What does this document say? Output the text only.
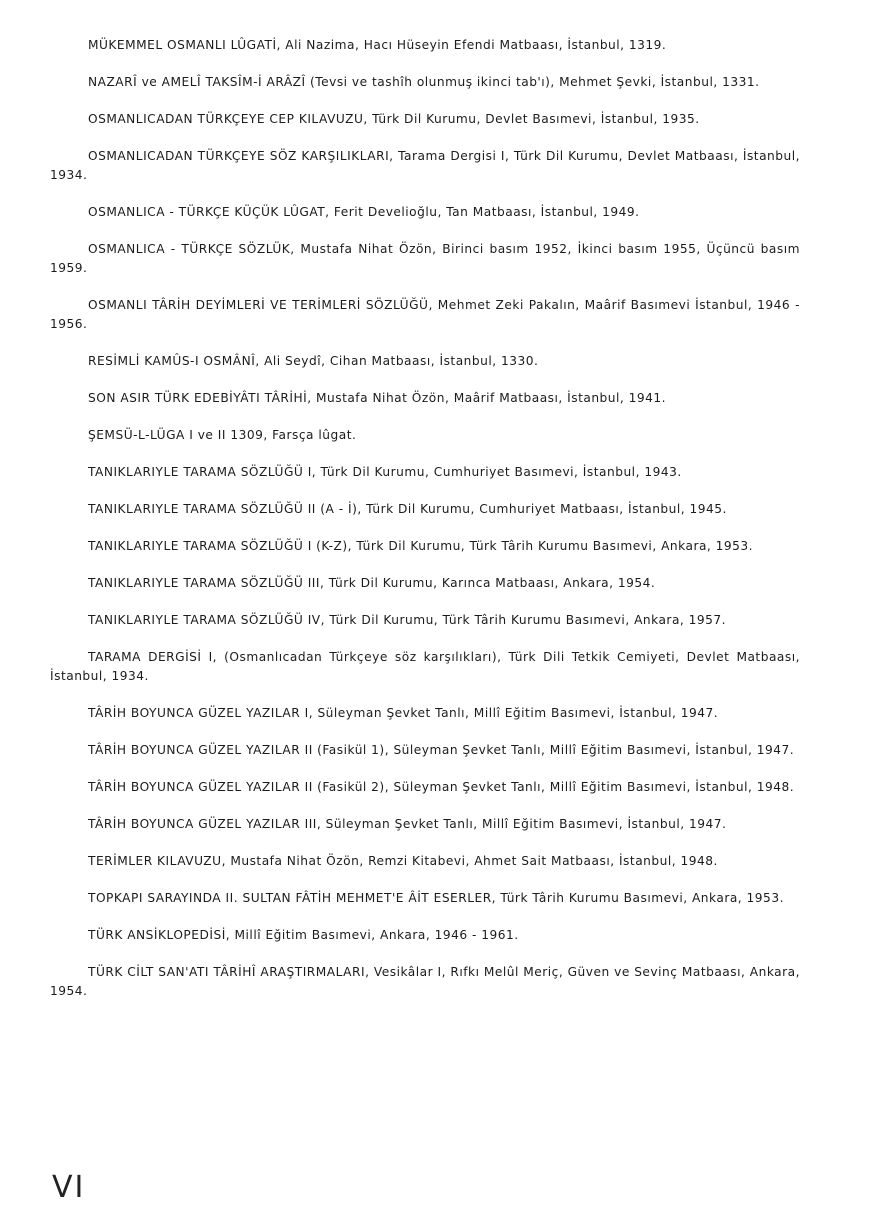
MÜKEMMEL OSMANLI LÛGATİ, Ali Nazima, Hacı Hüseyin Efendi Matbaası, İstanbul, 1319.

NAZARÎ ve AMELÎ TAKSÎM-İ ARÂZÎ (Tevsi ve tashîh olunmuş ikinci tab'ı), Mehmet Şevki, İstanbul, 1331.

OSMANLICADAN TÜRKÇEYE CEP KILAVUZU, Türk Dil Kurumu, Devlet Basımevi, İstanbul, 1935.

OSMANLICADAN TÜRKÇEYE SÖZ KARŞILIKLARI, Tarama Dergisi I, Türk Dil Kurumu, Devlet Matbaası, İstanbul, 1934.

OSMANLICA - TÜRKÇE KÜÇÜK LÛGAT, Ferit Develioğlu, Tan Matbaası, İstanbul, 1949.

OSMANLICA - TÜRKÇE SÖZLÜK, Mustafa Nihat Özön, Birinci basım 1952, İkinci basım 1955, Üçüncü basım 1959.

OSMANLI TÂRİH DEYİMLERİ VE TERİMLERİ SÖZLÜĞÜ, Mehmet Zeki Pakalın, Maârif Basımevi İstanbul, 1946 - 1956.

RESİMLİ KAMÛS-I OSMÂNÎ, Ali Seydî, Cihan Matbaası, İstanbul, 1330.

SON ASIR TÜRK EDEBİYÂTI TÂRİHİ, Mustafa Nihat Özön, Maârif Matbaası, İstanbul, 1941.

ŞEMSÜ-L-LÜGA I ve II 1309, Farsça lûgat.

TANIKLARIYLE TARAMA SÖZLÜĞÜ I, Türk Dil Kurumu, Cumhuriyet Basımevi, İstanbul, 1943.

TANIKLARIYLE TARAMA SÖZLÜĞÜ II (A - İ), Türk Dil Kurumu, Cumhuriyet Matbaası, İstanbul, 1945.

TANIKLARIYLE TARAMA SÖZLÜĞÜ I (K-Z), Türk Dil Kurumu, Türk Târih Kurumu Basımevi, Ankara, 1953.

TANIKLARIYLE TARAMA SÖZLÜĞÜ III, Türk Dil Kurumu, Karınca Matbaası, Ankara, 1954.

TANIKLARIYLE TARAMA SÖZLÜĞÜ IV, Türk Dil Kurumu, Türk Târih Kurumu Basımevi, Ankara, 1957.

TARAMA DERGİSİ I, (Osmanlıcadan Türkçeye söz karşılıkları), Türk Dili Tetkik Cemiyeti, Devlet Matbaası, İstanbul, 1934.

TÂRİH BOYUNCA GÜZEL YAZILAR I, Süleyman Şevket Tanlı, Millî Eğitim Basımevi, İstanbul, 1947.

TÂRİH BOYUNCA GÜZEL YAZILAR II (Fasikül 1), Süleyman Şevket Tanlı, Millî Eğitim Basımevi, İstanbul, 1947.

TÂRİH BOYUNCA GÜZEL YAZILAR II (Fasikül 2), Süleyman Şevket Tanlı, Millî Eğitim Basımevi, İstanbul, 1948.

TÂRİH BOYUNCA GÜZEL YAZILAR III, Süleyman Şevket Tanlı, Millî Eğitim Basımevi, İstanbul, 1947.

TERİMLER KILAVUZU, Mustafa Nihat Özön, Remzi Kitabevi, Ahmet Sait Matbaası, İstanbul, 1948.

TOPKAPI SARAYINDA II. SULTAN FÂTİH MEHMET'E ÂİT ESERLER, Türk Târih Kurumu Basımevi, Ankara, 1953.

TÜRK ANSİKLOPEDİSİ, Millî Eğitim Basımevi, Ankara, 1946 - 1961.

TÜRK CİLT SAN'ATI TÂRİHÎ ARAŞTIRMALARI, Vesikâlar I, Rıfkı Melûl Meriç, Güven ve Sevinç Matbaası, Ankara, 1954.

VI
